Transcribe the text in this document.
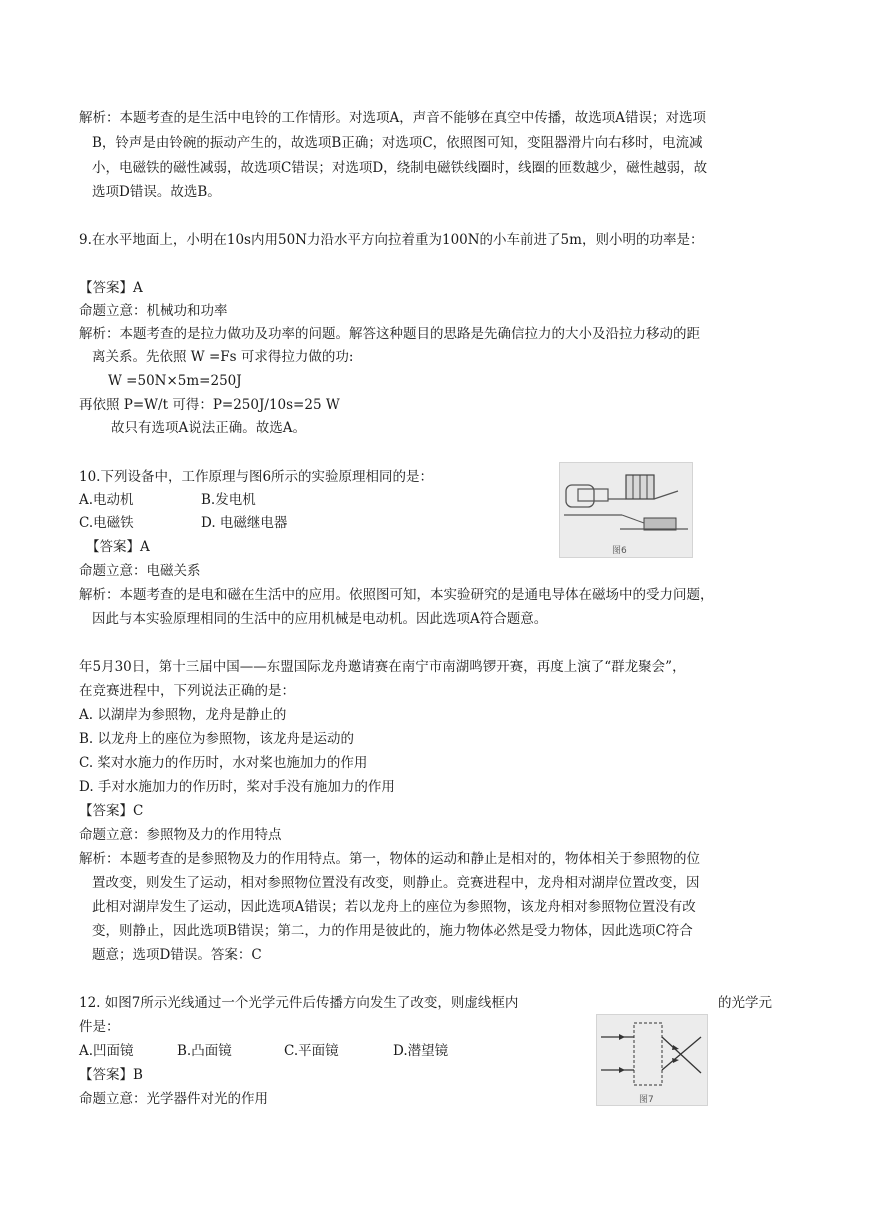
解析：本题考查的是生活中电铃的工作情形。对选项A，声音不能够在真空中传播，故选项A错误；对选项
B，铃声是由铃碗的振动产生的，故选项B正确；对选项C，依照图可知，变阻器滑片向右移时，电流减
小，电磁铁的磁性减弱，故选项C错误；对选项D，绕制电磁铁线圈时，线圈的匝数越少，磁性越弱，故
选项D错误。故选B。
9.在水平地面上，小明在10s内用50N力沿水平方向拉着重为100N的小车前进了5m，则小明的功率是：
【答案】A
命题立意：机械功和功率
解析：本题考查的是拉力做功及功率的问题。解答这种题目的思路是先确信拉力的大小及沿拉力移动的距
离关系。先依照 W =Fs 可求得拉力做的功:
W =50N×5m=250J
再依照 P=W/t 可得：P=250J/10s=25 W
故只有选项A说法正确。故选A。
10.下列设备中，工作原理与图6所示的实验原理相同的是：
A.电动机	B.发电机
C.电磁铁	D. 电磁继电器
图6
【答案】A
命题立意：电磁关系
解析：本题考查的是电和磁在生活中的应用。依照图可知，本实验研究的是通电导体在磁场中的受力问题，
因此与本实验原理相同的生活中的应用机械是电动机。因此选项A符合题意。
年5月30日，第十三届中国——东盟国际龙舟邀请赛在南宁市南湖鸣锣开赛，再度上演了“群龙聚会”，
在竞赛进程中，下列说法正确的是：
A. 以湖岸为参照物，龙舟是静止的
B. 以龙舟上的座位为参照物，该龙舟是运动的
C. 桨对水施力的作历时，水对桨也施加力的作用
D. 手对水施加力的作历时，桨对手没有施加力的作用
【答案】C
命题立意：参照物及力的作用特点
解析：本题考查的是参照物及力的作用特点。第一，物体的运动和静止是相对的，物体相关于参照物的位
置改变，则发生了运动，相对参照物位置没有改变，则静止。竞赛进程中，龙舟相对湖岸位置改变，因
此相对湖岸发生了运动，因此选项A错误；若以龙舟上的座位为参照物，该龙舟相对参照物位置没有改
变，则静止，因此选项B错误；第二，力的作用是彼此的，施力物体必然是受力物体，因此选项C符合
题意；选项D错误。答案：C
12. 如图7所示光线通过一个光学元件后传播方向发生了改变，则虚线框内	的光学元
件是：
A.凹面镜	B.凸面镜	C.平面镜	D.潜望镜
图7
【答案】B
命题立意：光学器件对光的作用
